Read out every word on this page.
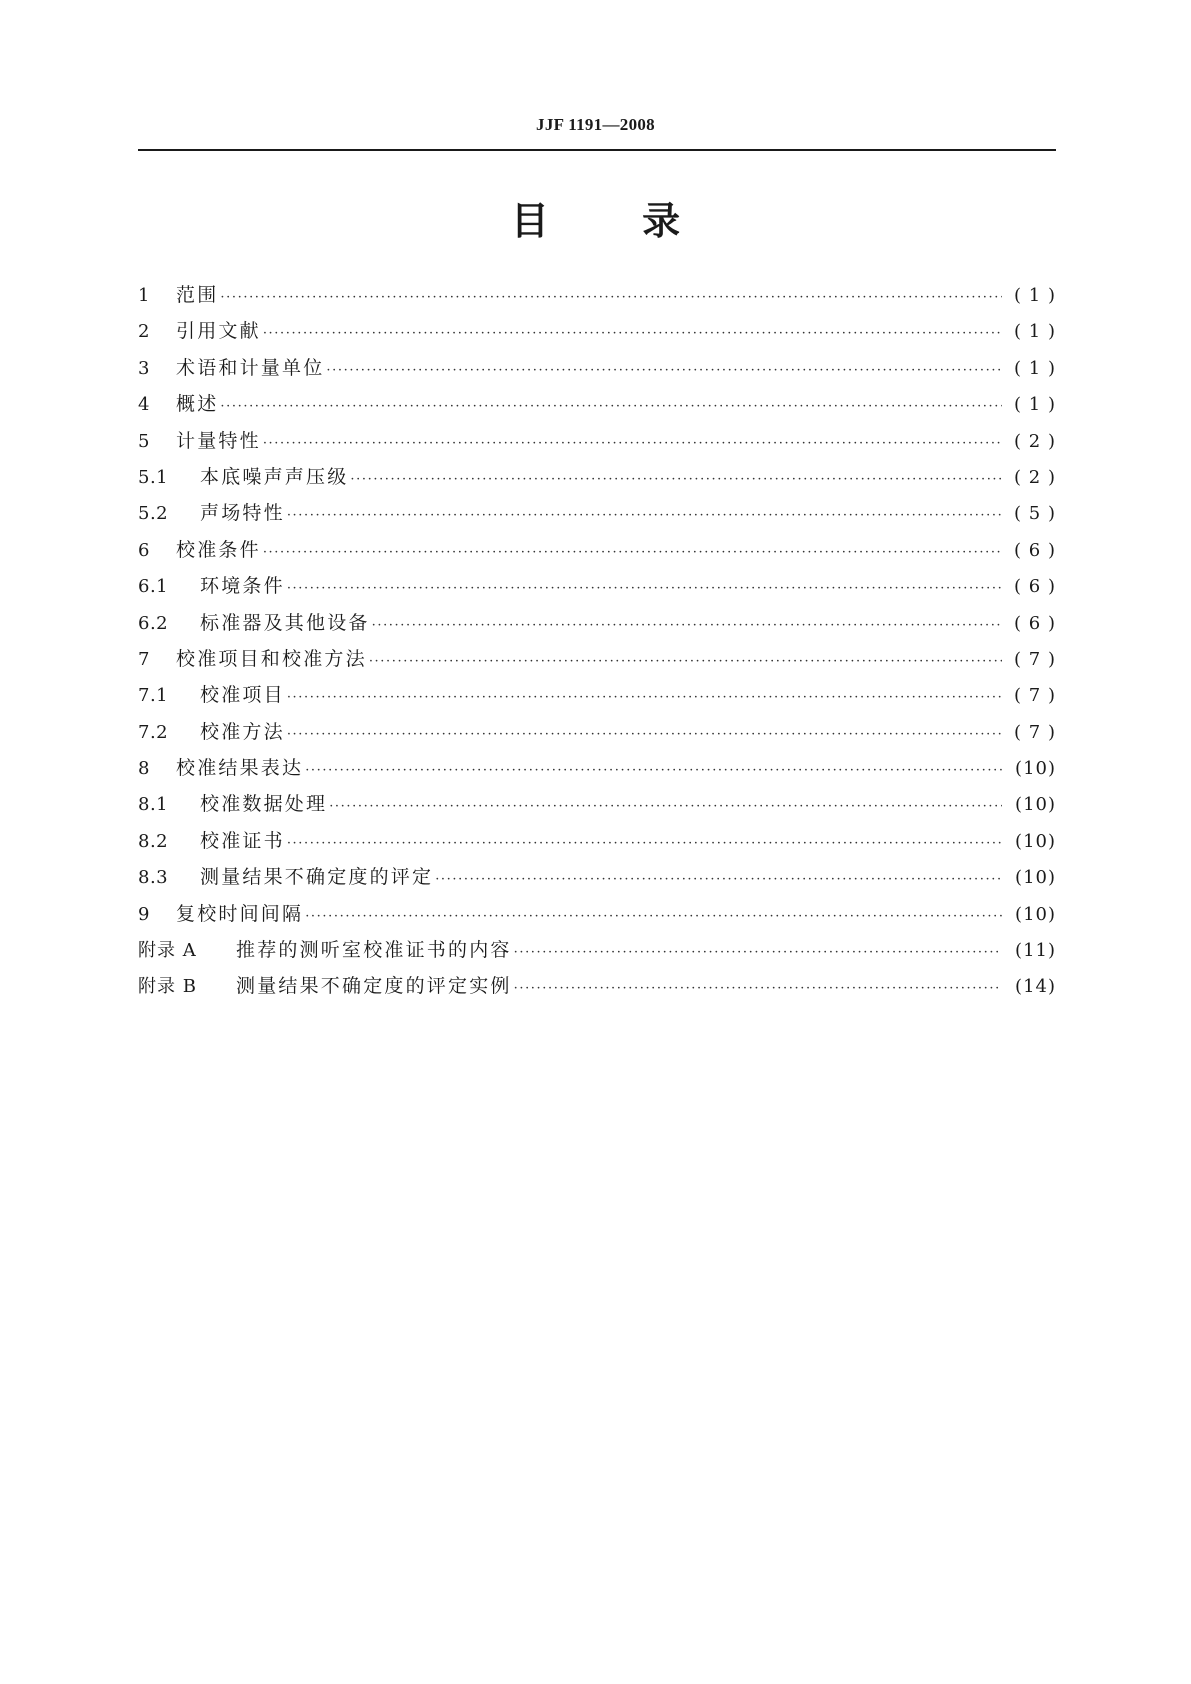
JJF 1191—2008
目 录
1	范围 ·····	( 1 )
2	引用文献 ·····	( 1 )
3	术语和计量单位 ·····	( 1 )
4	概述 ·····	( 1 )
5	计量特性 ·····	( 2 )
5.1	本底噪声声压级 ·····	( 2 )
5.2	声场特性 ·····	( 5 )
6	校准条件 ·····	( 6 )
6.1	环境条件 ·····	( 6 )
6.2	标准器及其他设备 ·····	( 6 )
7	校准项目和校准方法 ·····	( 7 )
7.1	校准项目 ·····	( 7 )
7.2	校准方法 ·····	( 7 )
8	校准结果表达 ·····	(10)
8.1	校准数据处理 ·····	(10)
8.2	校准证书 ·····	(10)
8.3	测量结果不确定度的评定 ·····	(10)
9	复校时间间隔 ·····	(10)
附录 A	推荐的测听室校准证书的内容 ·····	(11)
附录 B	测量结果不确定度的评定实例 ·····	(14)
